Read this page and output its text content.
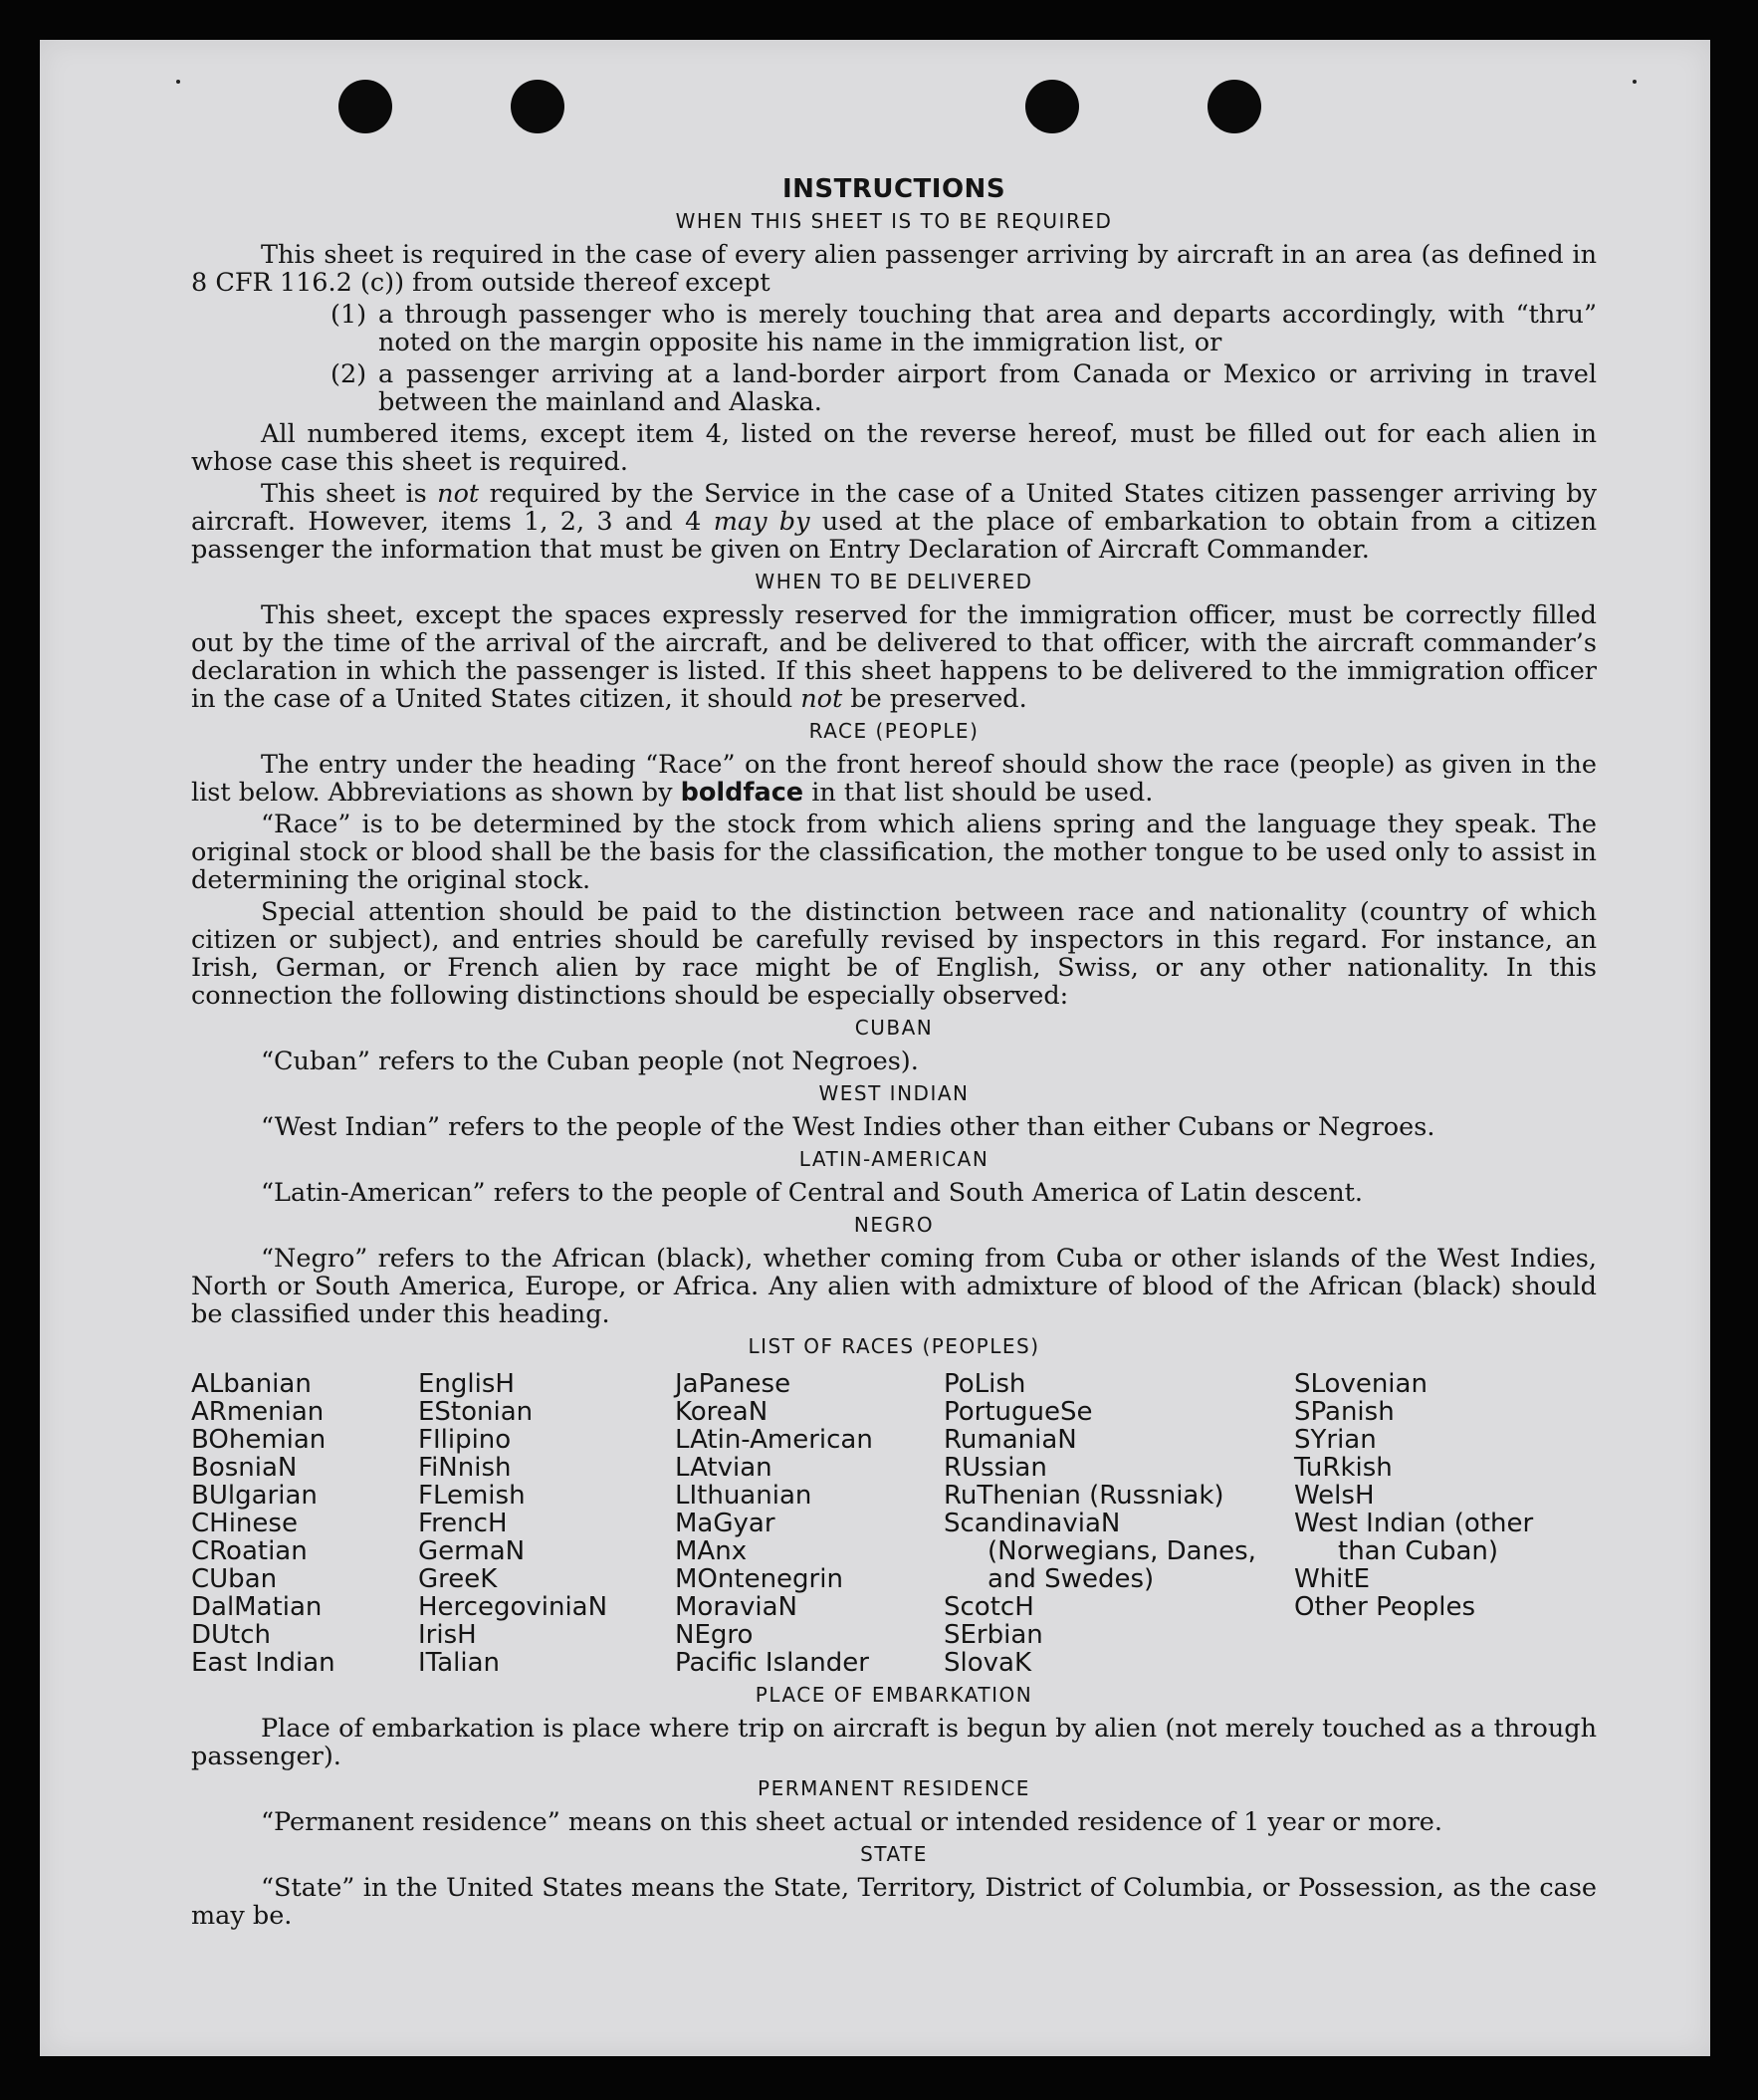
INSTRUCTIONS
WHEN THIS SHEET IS TO BE REQUIRED

This sheet is required in the case of every alien passenger arriving by aircraft in an area (as defined in 8 CFR 116.2 (c)) from outside thereof except

(1) a through passenger who is merely touching that area and departs accordingly, with “thru” noted on the margin opposite his name in the immigration list, or
(2) a passenger arriving at a land-border airport from Canada or Mexico or arriving in travel between the mainland and Alaska.

All numbered items, except item 4, listed on the reverse hereof, must be filled out for each alien in whose case this sheet is required.

This sheet is not required by the Service in the case of a United States citizen passenger arriving by aircraft. However, items 1, 2, 3 and 4 may by used at the place of embarkation to obtain from a citizen passenger the information that must be given on Entry Declaration of Aircraft Commander.

WHEN TO BE DELIVERED

This sheet, except the spaces expressly reserved for the immigration officer, must be correctly filled out by the time of the arrival of the aircraft, and be delivered to that officer, with the aircraft commander’s declaration in which the passenger is listed. If this sheet happens to be delivered to the immigration officer in the case of a United States citizen, it should not be preserved.

RACE (PEOPLE)

The entry under the heading “Race” on the front hereof should show the race (people) as given in the list below. Abbreviations as shown by boldface in that list should be used.

“Race” is to be determined by the stock from which aliens spring and the language they speak. The original stock or blood shall be the basis for the classification, the mother tongue to be used only to assist in determining the original stock.

Special attention should be paid to the distinction between race and nationality (country of which citizen or subject), and entries should be carefully revised by inspectors in this regard. For instance, an Irish, German, or French alien by race might be of English, Swiss, or any other nationality. In this connection the following distinctions should be especially observed:

CUBAN

“Cuban” refers to the Cuban people (not Negroes).

WEST INDIAN

“West Indian” refers to the people of the West Indies other than either Cubans or Negroes.

LATIN-AMERICAN

“Latin-American” refers to the people of Central and South America of Latin descent.

NEGRO

“Negro” refers to the African (black), whether coming from Cuba or other islands of the West Indies, North or South America, Europe, or Africa. Any alien with admixture of blood of the African (black) should be classified under this heading.

LIST OF RACES (PEOPLES)
ALbanian
ARmenian
BOhemian
BosniaN
BUlgarian
CHinese
CRoatian
CUban
DalMatian
DUtch
East Indian
EnglisH
EStonian
FIlipino
FiNnish
FLemish
FrencH
GermaN
GreeK
HercegoviniaN
IrisH
ITalian
JaPanese
KoreaN
LAtin-American
LAtvian
LIthuanian
MaGyar
MAnx
MOntenegrin
MoraviaN
NEgro
Pacific Islander
PoLish
PortugueSe
RumaniaN
RUssian
RuThenian (Russniak)
ScandinaviaN (Norwegians, Danes, and Swedes)
ScotcH
SErbian
SlovaK
SLovenian
SPanish
SYrian
TuRkish
WelsH
West Indian (other than Cuban)
WhitE
Other Peoples
PLACE OF EMBARKATION

Place of embarkation is place where trip on aircraft is begun by alien (not merely touched as a through passenger).

PERMANENT RESIDENCE

“Permanent residence” means on this sheet actual or intended residence of 1 year or more.

STATE

“State” in the United States means the State, Territory, District of Columbia, or Possession, as the case may be.
